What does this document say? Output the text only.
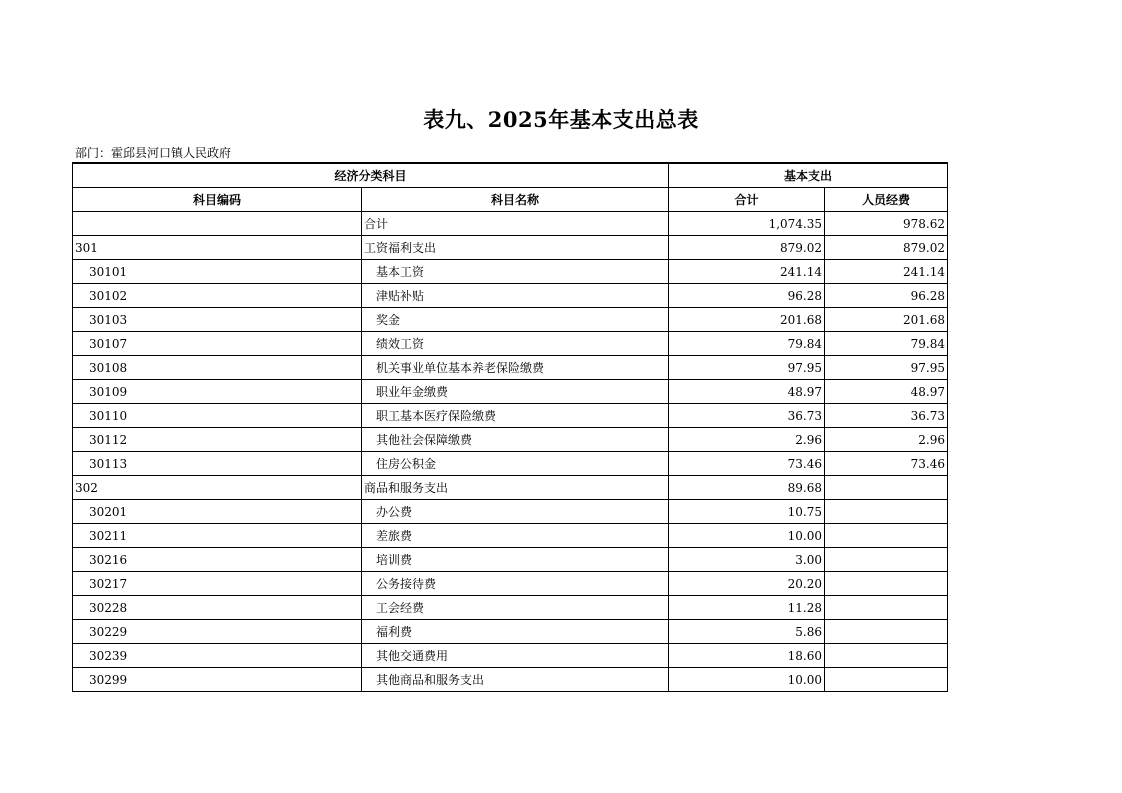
表九、2025年基本支出总表
部门：霍邱县河口镇人民政府
经济分类科目		基本支出	
科目编码	科目名称	合计	人员经费
	合计	1,074.35	978.62
301	工资福利支出	879.02	879.02
30101	基本工资	241.14	241.14
30102	津贴补贴	96.28	96.28
30103	奖金	201.68	201.68
30107	绩效工资	79.84	79.84
30108	机关事业单位基本养老保险缴费	97.95	97.95
30109	职业年金缴费	48.97	48.97
30110	职工基本医疗保险缴费	36.73	36.73
30112	其他社会保障缴费	2.96	2.96
30113	住房公积金	73.46	73.46
302	商品和服务支出	89.68	
30201	办公费	10.75	
30211	差旅费	10.00	
30216	培训费	3.00	
30217	公务接待费	20.20	
30228	工会经费	11.28	
30229	福利费	5.86	
30239	其他交通费用	18.60	
30299	其他商品和服务支出	10.00	
